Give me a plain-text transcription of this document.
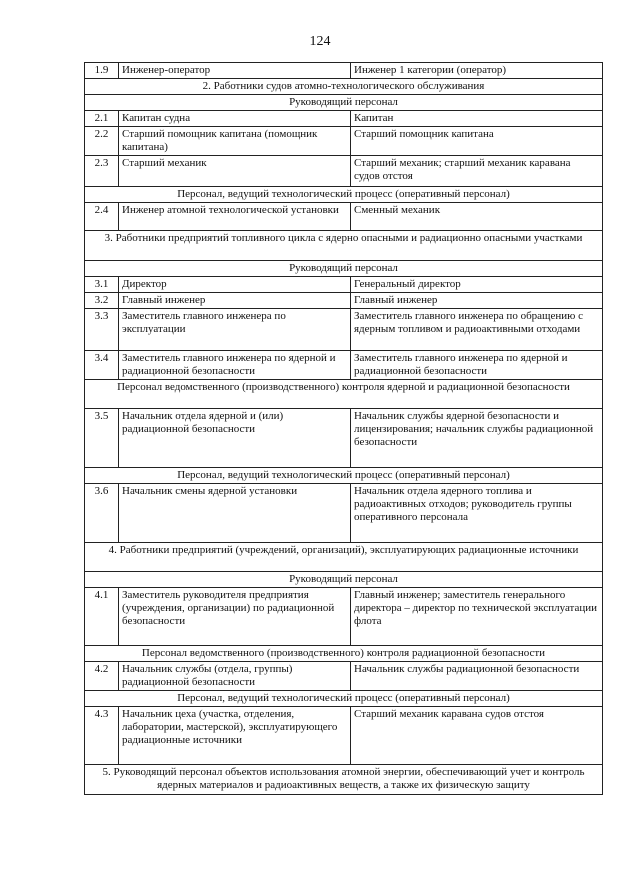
124
1.9	Инженер-оператор	Инженер 1 категории (оператор)
2. Работники судов атомно-технологического обслуживания		
Руководящий персонал		
2.1	Капитан судна	Капитан
2.2	Старший помощник капитана (помощник капитана)	Старший помощник капитана
2.3	Старший механик	Старший механик; старший механик каравана судов отстоя
Персонал, ведущий технологический процесс (оперативный персонал)		
2.4	Инженер атомной технологической установки	Сменный механик
3. Работники предприятий топливного цикла с ядерно опасными и радиационно опасными участками		
Руководящий персонал		
3.1	Директор	Генеральный директор
3.2	Главный инженер	Главный инженер
3.3	Заместитель главного инженера по эксплуатации	Заместитель главного инженера по обращению с ядерным топливом и радиоактивными отходами
3.4	Заместитель главного инженера по ядерной и радиационной безопасности	Заместитель главного инженера по ядерной и радиационной безопасности
Персонал ведомственного (производственного) контроля ядерной и радиационной безопасности		
3.5	Начальник отдела ядерной и (или) радиационной безопасности	Начальник службы ядерной безопасности и лицензирования; начальник службы радиационной безопасности
Персонал, ведущий технологический процесс (оперативный персонал)		
3.6	Начальник смены ядерной установки	Начальник отдела ядерного топлива и радиоактивных отходов; руководитель группы оперативного персонала
4. Работники предприятий (учреждений, организаций), эксплуатирующих радиационные источники		
Руководящий персонал		
4.1	Заместитель руководителя предприятия (учреждения, организации) по радиационной безопасности	Главный инженер; заместитель генерального директора – директор по технической эксплуатации флота
Персонал ведомственного (производственного) контроля радиационной безопасности		
4.2	Начальник службы (отдела, группы) радиационной безопасности	Начальник службы радиационной безопасности
Персонал, ведущий технологический процесс (оперативный персонал)		
4.3	Начальник цеха (участка, отделения, лаборатории, мастерской), эксплуатирующего радиационные источники	Старший механик каравана судов отстоя
5. Руководящий персонал объектов использования атомной энергии, обеспечивающий учет и контроль ядерных материалов и радиоактивных веществ, а также их физическую защиту		
